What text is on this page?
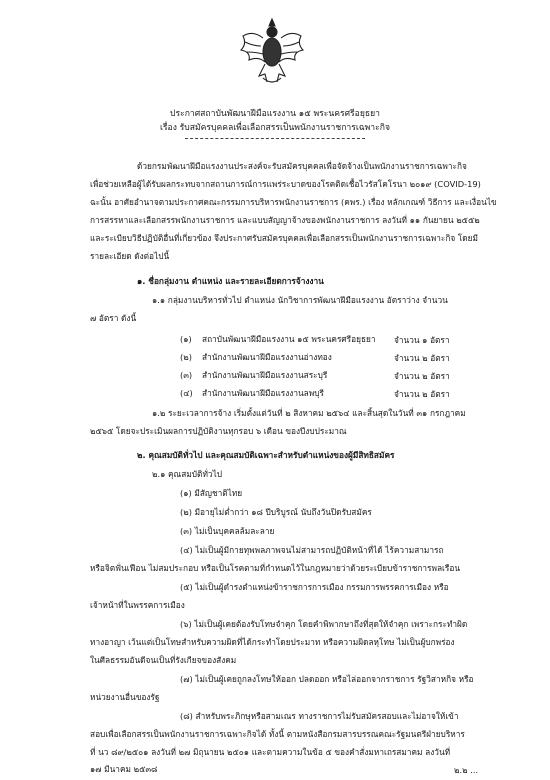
ประกาศสถาบันพัฒนาฝีมือแรงงาน ๑๕ พระนครศรีอยุธยา
เรื่อง รับสมัครบุคคลเพื่อเลือกสรรเป็นพนักงานราชการเฉพาะกิจ
ด้วยกรมพัฒนาฝีมือแรงงานประสงค์จะรับสมัครบุคคลเพื่อจัดจ้างเป็นพนักงานราชการเฉพาะกิจ
เพื่อช่วยเหลือผู้ได้รับผลกระทบจากสถานการณ์การแพร่ระบาดของโรคติดเชื้อไวรัสโคโรนา ๒๐๑๙ (COVID-19)
ฉะนั้น อาศัยอำนาจตามประกาศคณะกรรมการบริหารพนักงานราชการ (คพร.) เรื่อง หลักเกณฑ์ วิธีการ และเงื่อนไข
การสรรหาและเลือกสรรพนักงานราชการ และแบบสัญญาจ้างของพนักงานราชการ ลงวันที่ ๑๑ กันยายน ๒๕๕๒
และระเบียบวิธีปฏิบัติอื่นที่เกี่ยวข้อง จึงประกาศรับสมัครบุคคลเพื่อเลือกสรรเป็นพนักงานราชการเฉพาะกิจ โดยมี
รายละเอียด ดังต่อไปนี้
๑. ชื่อกลุ่มงาน ตำแหน่ง และรายละเอียดการจ้างงาน
๑.๑ กลุ่มงานบริหารทั่วไป ตำแหน่ง นักวิชาการพัฒนาฝีมือแรงงาน อัตราว่าง จำนวน
๗ อัตรา ดังนี้
(๑) สถาบันพัฒนาฝีมือแรงงาน ๑๕ พระนครศรีอยุธยา จำนวน ๑ อัตรา
(๒) สำนักงานพัฒนาฝีมือแรงงานอ่างทอง	จำนวน ๒ อัตรา
(๓) สำนักงานพัฒนาฝีมือแรงงานสระบุรี	จำนวน ๒ อัตรา
(๔) สำนักงานพัฒนาฝีมือแรงงานลพบุรี	จำนวน ๒ อัตรา
๑.๒ ระยะเวลาการจ้าง เริ่มตั้งแต่วันที่ ๒ สิงหาคม ๒๕๖๔ และสิ้นสุดในวันที่ ๓๑ กรกฎาคม
๒๕๖๕ โดยจะประเมินผลการปฏิบัติงานทุกรอบ ๖ เดือน ของปีงบประมาณ
๒. คุณสมบัติทั่วไป และคุณสมบัติเฉพาะสำหรับตำแหน่งของผู้มีสิทธิสมัคร
๒.๑ คุณสมบัติทั่วไป
(๑) มีสัญชาติไทย
(๒) มีอายุไม่ต่ำกว่า ๑๘ ปีบริบูรณ์ นับถึงวันปิดรับสมัคร
(๓) ไม่เป็นบุคคลล้มละลาย
(๔) ไม่เป็นผู้มีกายทุพพลภาพจนไม่สามารถปฏิบัติหน้าที่ได้ ไร้ความสามารถ
หรือจิตฟั่นเฟือน ไม่สมประกอบ หรือเป็นโรคตามที่กำหนดไว้ในกฎหมายว่าด้วยระเบียบข้าราชการพลเรือน
(๕) ไม่เป็นผู้ดำรงตำแหน่งข้าราชการการเมือง กรรมการพรรคการเมือง หรือ
เจ้าหน้าที่ในพรรคการเมือง
(๖) ไม่เป็นผู้เคยต้องรับโทษจำคุก โดยคำพิพากษาถึงที่สุดให้จำคุก เพราะกระทำผิด
ทางอาญา เว้นแต่เป็นโทษสำหรับความผิดที่ได้กระทำโดยประมาท หรือความผิดลหุโทษ ไม่เป็นผู้บกพร่อง
ในศีลธรรมอันดีจนเป็นที่รังเกียจของสังคม
(๗) ไม่เป็นผู้เคยถูกลงโทษให้ออก ปลดออก หรือไล่ออกจากราชการ รัฐวิสาหกิจ หรือ
หน่วยงานอื่นของรัฐ
(๘) สำหรับพระภิกษุหรือสามเณร ทางราชการไม่รับสมัครสอบและไม่อาจให้เข้า
สอบเพื่อเลือกสรรเป็นพนักงานราชการเฉพาะกิจได้ ทั้งนี้ ตามหนังสือกรมสารบรรณคณะรัฐมนตรีฝ่ายบริหาร
ที่ นว ๘๙/๒๕๐๑ ลงวันที่ ๒๗ มิถุนายน ๒๕๐๑ และตามความในข้อ ๕ ของคำสั่งมหาเถรสมาคม ลงวันที่
๑๗ มีนาคม ๒๕๓๘	๒.๒ ...
